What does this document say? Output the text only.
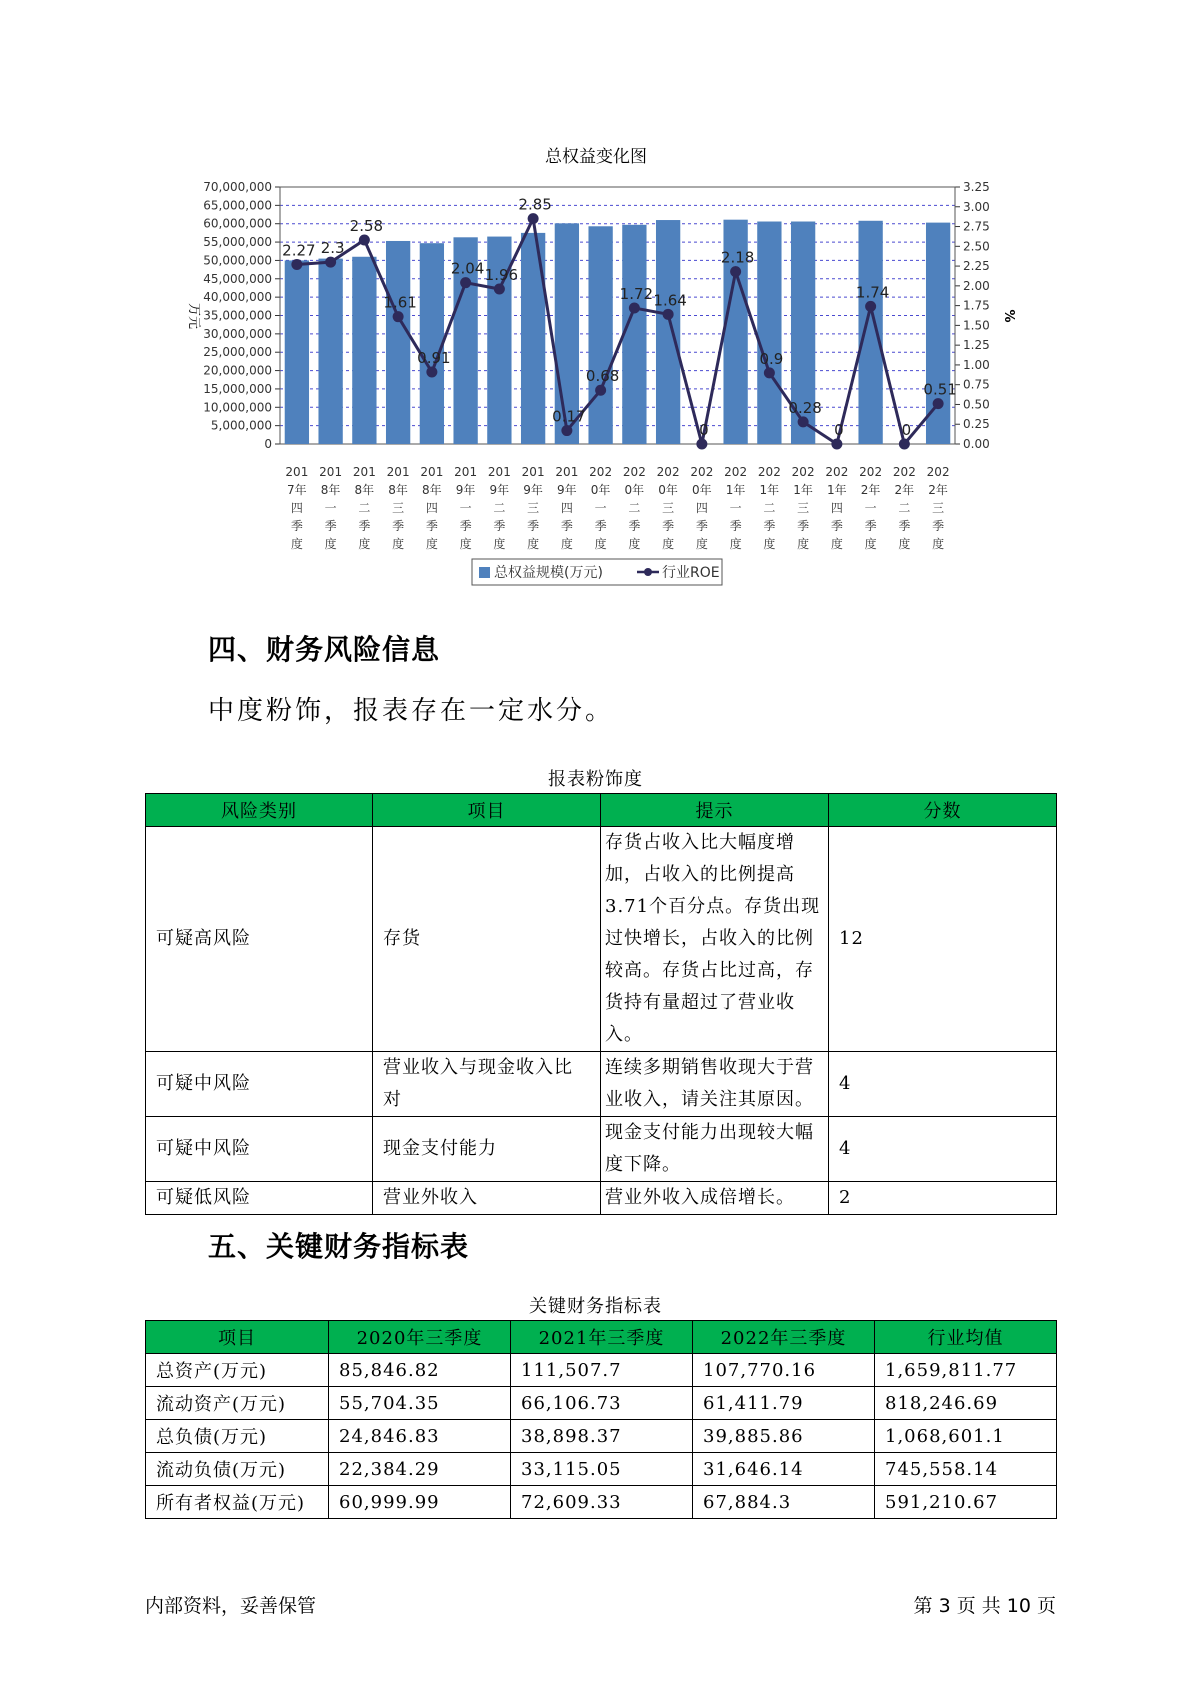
总权益变化图
0
5,000,000
10,000,000
15,000,000
20,000,000
25,000,000
30,000,000
35,000,000
40,000,000
45,000,000
50,000,000
55,000,000
60,000,000
65,000,000
70,000,000
0.00
0.25
0.50
0.75
1.00
1.25
1.50
1.75
2.00
2.25
2.50
2.75
3.00
3.25
万元	%
201
7年
四
季
度
201
8年
一
季
度
201
8年
二
季
度
201
8年
三
季
度
201
8年
四
季
度
201
9年
一
季
度
201
9年
二
季
度
201
9年
三
季
度
201
9年
四
季
度
202
0年
一
季
度
202
0年
二
季
度
202
0年
三
季
度
202
0年
四
季
度
202
1年
一
季
度
202
1年
二
季
度
202
1年
三
季
度
202
1年
四
季
度
202
2年
一
季
度
202
2年
二
季
度
202
2年
三
季
度
2.27 2.3
2.58
1.61
0.91
2.04 1.96
2.85
0.17
0.68
1.72 1.64
0
2.18
0.9
0.28
0
1.74
0
0.51
总权益规模(万元)	行业ROE
四、财务风险信息
中度粉饰，报表存在一定水分。
报表粉饰度
风险类别	项目	提示	分数
可疑高风险	存货	存货占收入比大幅度增加，占收入的比例提高3.71个百分点。存货出现过快增长，占收入的比例较高。存货占比过高，存货持有量超过了营业收入。	12
可疑中风险	营业收入与现金收入比对	连续多期销售收现大于营业收入，请关注其原因。	4
可疑中风险	现金支付能力	现金支付能力出现较大幅度下降。	4
可疑低风险	营业外收入	营业外收入成倍增长。	2
五、关键财务指标表
关键财务指标表
项目	2020年三季度	2021年三季度	2022年三季度	行业均值
总资产(万元)	85,846.82	111,507.7	107,770.16	1,659,811.77
流动资产(万元)	55,704.35	66,106.73	61,411.79	818,246.69
总负债(万元)	24,846.83	38,898.37	39,885.86	1,068,601.1
流动负债(万元)	22,384.29	33,115.05	31,646.14	745,558.14
所有者权益(万元)	60,999.99	72,609.33	67,884.3	591,210.67
内部资料，妥善保管	第 3 页 共 10 页
